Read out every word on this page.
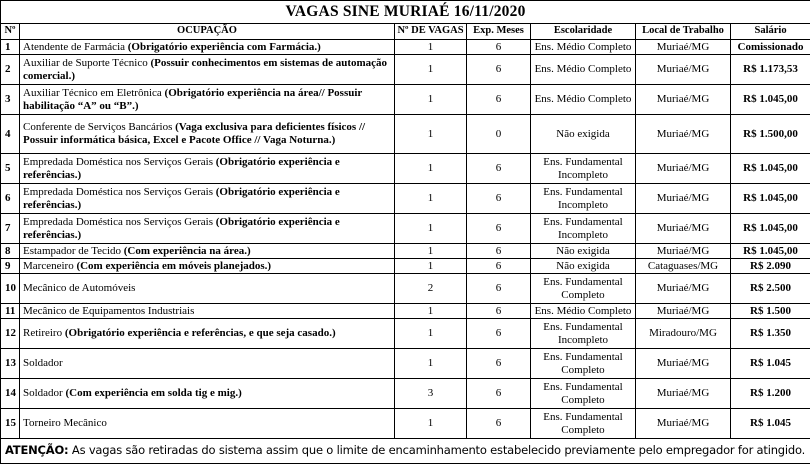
VAGAS SINE MURIAÉ 16/11/2020						
Nº	OCUPAÇÃO	Nº DE VAGAS	Exp. Meses	Escolaridade	Local de Trabalho	Salário
1	Atendente de Farmácia (Obrigatório experiência com Farmácia.)	1	6	Ens. Médio Completo	Muriaé/MG	Comissionado
2	Auxiliar de Suporte Técnico (Possuir conhecimentos em sistemas de automação comercial.)	1	6	Ens. Médio Completo	Muriaé/MG	R$ 1.173,53
3	Auxiliar Técnico em Eletrônica (Obrigatório experiência na área// Possuir habilitação “A” ou “B”.)	1	6	Ens. Médio Completo	Muriaé/MG	R$ 1.045,00
4	Conferente de Serviços Bancários (Vaga exclusiva para deficientes físicos // Possuir informática básica, Excel e Pacote Office // Vaga Noturna.)	1	0	Não exigida	Muriaé/MG	R$ 1.500,00
5	Empredada Doméstica nos Serviços Gerais (Obrigatório experiência e referências.)	1	6	Ens. Fundamental Incompleto	Muriaé/MG	R$ 1.045,00
6	Empredada Doméstica nos Serviços Gerais (Obrigatório experiência e referências.)	1	6	Ens. Fundamental Incompleto	Muriaé/MG	R$ 1.045,00
7	Empredada Doméstica nos Serviços Gerais (Obrigatório experiência e referências.)	1	6	Ens. Fundamental Incompleto	Muriaé/MG	R$ 1.045,00
8	Estampador de Tecido (Com experiência na área.)	1	6	Não exigida	Muriaé/MG	R$ 1.045,00
9	Marceneiro (Com experiência em móveis planejados.)	1	6	Não exigida	Cataguases/MG	R$ 2.090
10	Mecânico de Automóveis	2	6	Ens. Fundamental Completo	Muriaé/MG	R$ 2.500
11	Mecânico de Equipamentos Industriais	1	6	Ens. Médio Completo	Muriaé/MG	R$ 1.500
12	Retireiro (Obrigatório experiência e referências, e que seja casado.)	1	6	Ens. Fundamental Incompleto	Miradouro/MG	R$ 1.350
13	Soldador	1	6	Ens. Fundamental Completo	Muriaé/MG	R$ 1.045
14	Soldador (Com experiência em solda tig e mig.)	3	6	Ens. Fundamental Completo	Muriaé/MG	R$ 1.200
15	Torneiro Mecânico	1	6	Ens. Fundamental Completo	Muriaé/MG	R$ 1.045
ATENÇÃO: As vagas são retiradas do sistema assim que o limite de encaminhamento estabelecido previamente pelo empregador for atingido.						
